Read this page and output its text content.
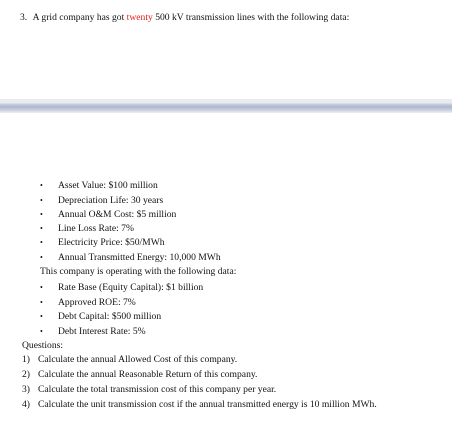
3. A grid company has got twenty 500 kV transmission lines with the following data:
• Asset Value: $100 million
• Depreciation Life: 30 years
• Annual O&M Cost: $5 million
• Line Loss Rate: 7%
• Electricity Price: $50/MWh
• Annual Transmitted Energy: 10,000 MWh
This company is operating with the following data:
• Rate Base (Equity Capital): $1 billion
• Approved ROE: 7%
• Debt Capital: $500 million
• Debt Interest Rate: 5%
Questions:
1) Calculate the annual Allowed Cost of this company.
2) Calculate the annual Reasonable Return of this company.
3) Calculate the total transmission cost of this company per year.
4) Calculate the unit transmission cost if the annual transmitted energy is 10 million MWh.
